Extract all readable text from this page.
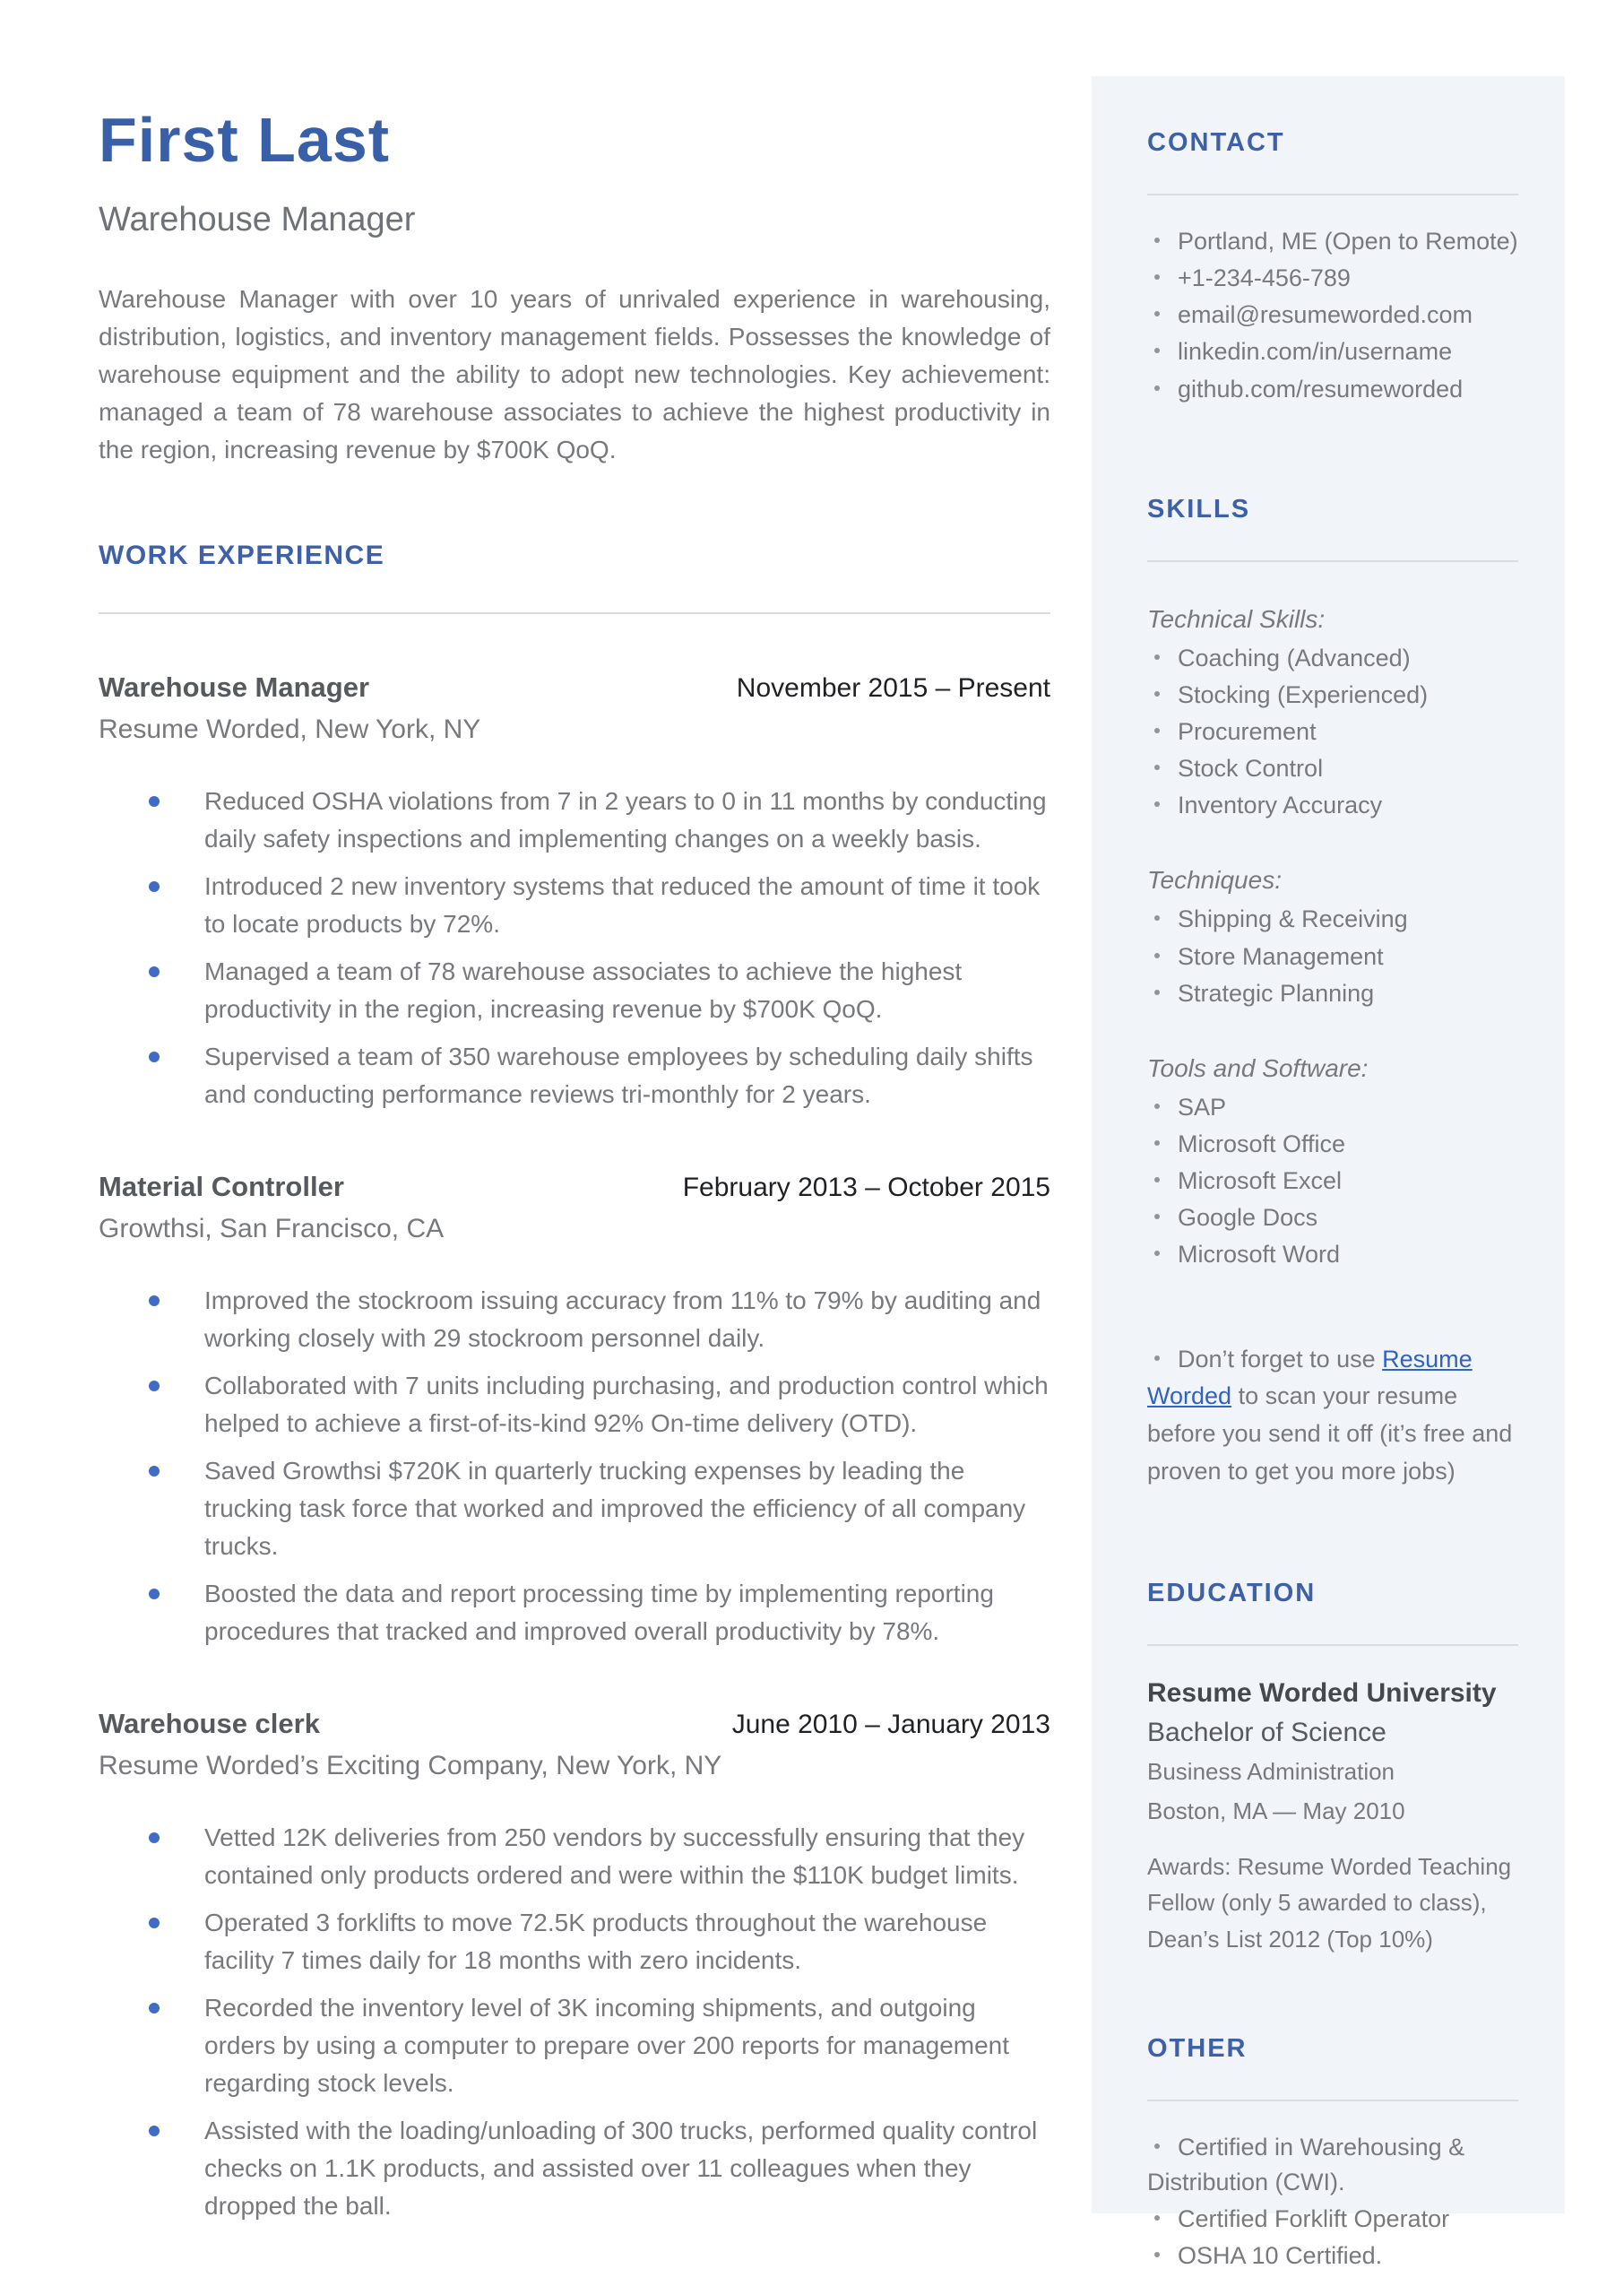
First Last
Warehouse Manager

Warehouse Manager with over 10 years of unrivaled experience in warehousing, distribution, logistics, and inventory management fields. Possesses the knowledge of warehouse equipment and the ability to adopt new technologies. Key achievement: managed a team of 78 warehouse associates to achieve the highest productivity in the region, increasing revenue by $700K QoQ.

WORK EXPERIENCE
Warehouse Manager	November 2015 – Present
Resume Worded, New York, NY
Reduced OSHA violations from 7 in 2 years to 0 in 11 months by conducting daily safety inspections and implementing changes on a weekly basis.
Introduced 2 new inventory systems that reduced the amount of time it took to locate products by 72%.
Managed a team of 78 warehouse associates to achieve the highest productivity in the region, increasing revenue by $700K QoQ.
Supervised a team of 350 warehouse employees by scheduling daily shifts and conducting performance reviews tri-monthly for 2 years.
Material Controller	February 2013 – October 2015
Growthsi, San Francisco, CA
Improved the stockroom issuing accuracy from 11% to 79% by auditing and working closely with 29 stockroom personnel daily.
Collaborated with 7 units including purchasing, and production control which helped to achieve a first-of-its-kind 92% On-time delivery (OTD).
Saved Growthsi $720K in quarterly trucking expenses by leading the trucking task force that worked and improved the efficiency of all company trucks.
Boosted the data and report processing time by implementing reporting procedures that tracked and improved overall productivity by 78%.
Warehouse clerk	June 2010 – January 2013
Resume Worded’s Exciting Company, New York, NY
Vetted 12K deliveries from 250 vendors by successfully ensuring that they contained only products ordered and were within the $110K budget limits.
Operated 3 forklifts to move 72.5K products throughout the warehouse facility 7 times daily for 18 months with zero incidents.
Recorded the inventory level of 3K incoming shipments, and outgoing orders by using a computer to prepare over 200 reports for management regarding stock levels.
Assisted with the loading/unloading of 300 trucks, performed quality control checks on 1.1K products, and assisted over 11 colleagues when they dropped the ball.
CONTACT
Portland, ME (Open to Remote)
+1-234-456-789
email@resumeworded.com
linkedin.com/in/username
github.com/resumeworded
SKILLS

Technical Skills:

Coaching (Advanced)
Stocking (Experienced)
Procurement
Stock Control
Inventory Accuracy

Techniques:

Shipping & Receiving
Store Management
Strategic Planning

Tools and Software:

SAP
Microsoft Office
Microsoft Excel
Google Docs
Microsoft Word

Don’t forget to use Resume Worded to scan your resume before you send it off (it’s free and proven to get you more jobs)

EDUCATION

Resume Worded University

Bachelor of Science

Business Administration

Boston, MA — May 2010

Awards: Resume Worded Teaching Fellow (only 5 awarded to class), Dean’s List 2012 (Top 10%)

OTHER
Certified in Warehousing & Distribution (CWI).
Certified Forklift Operator
OSHA 10 Certified.
